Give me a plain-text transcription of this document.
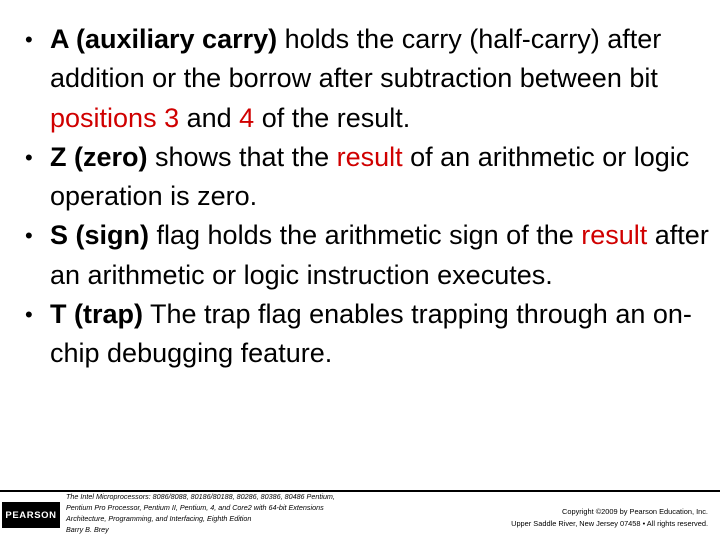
• A (auxiliary carry) holds the carry (half-carry) after addition or the borrow after subtraction between bit positions 3 and 4 of the result.
• Z (zero) shows that the result of an arithmetic or logic operation is zero.
• S (sign) flag holds the arithmetic sign of the result after an arithmetic or logic instruction executes.
• T (trap) The trap flag enables trapping through an on-chip debugging feature.
PEARSON
The Intel Microprocessors: 8086/8088, 80186/80188, 80286, 80386, 80486 Pentium,
Pentium Pro Processor, Pentium II, Pentium, 4, and Core2 with 64-bit Extensions
Architecture, Programming, and Interfacing, Eighth Edition
Barry B. Brey
Copyright ©2009 by Pearson Education, Inc.
Upper Saddle River, New Jersey 07458 • All rights reserved.
